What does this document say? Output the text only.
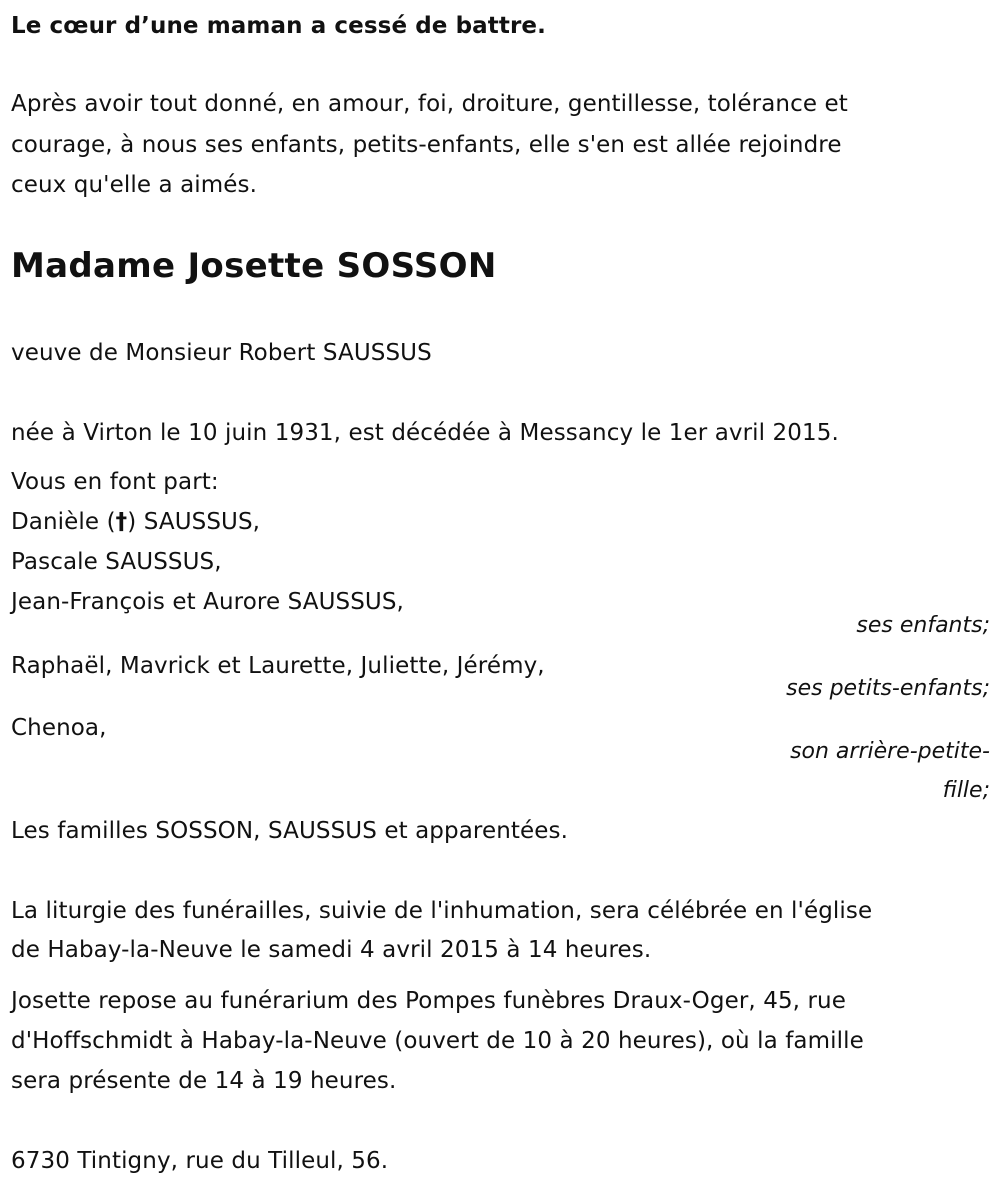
Le cœur d’une maman a cessé de battre.

Après avoir tout donné, en amour, foi, droiture, gentillesse, tolérance et

courage, à nous ses enfants, petits-enfants, elle s'en est allée rejoindre

ceux qu'elle a aimés.

Madame Josette SOSSON

veuve de Monsieur Robert SAUSSUS

née à Virton le 10 juin 1931, est décédée à Messancy le 1er avril 2015.

Vous en font part:

Danièle (†) SAUSSUS,

Pascale SAUSSUS,

Jean-François et Aurore SAUSSUS,

ses enfants;

Raphaël, Mavrick et Laurette, Juliette, Jérémy,

ses petits-enfants;

Chenoa,

son arrière-petite-

fille;

Les familles SOSSON, SAUSSUS et apparentées.

La liturgie des funérailles, suivie de l'inhumation, sera célébrée en l'église

de Habay-la-Neuve le samedi 4 avril 2015 à 14 heures.

Josette repose au funérarium des Pompes funèbres Draux-Oger, 45, rue

d'Hoffschmidt à Habay-la-Neuve (ouvert de 10 à 20 heures), où la famille

sera présente de 14 à 19 heures.

6730 Tintigny, rue du Tilleul, 56.
